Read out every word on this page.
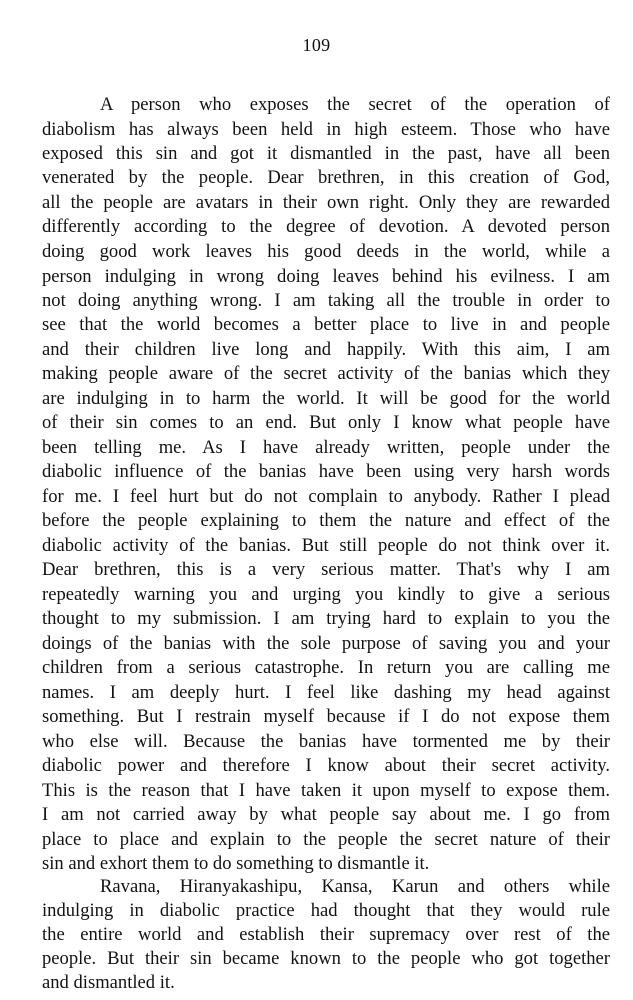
109
A person who exposes the secret of the operation of
diabolism has always been held in high esteem. Those who have
exposed this sin and got it dismantled in the past, have all been
venerated by the people. Dear brethren, in this creation of God,
all the people are avatars in their own right. Only they are rewarded
differently according to the degree of devotion. A devoted person
doing good work leaves his good deeds in the world, while a
person indulging in wrong doing leaves behind his evilness. I am
not doing anything wrong. I am taking all the trouble in order to
see that the world becomes a better place to live in and people
and their children live long and happily. With this aim, I am
making people aware of the secret activity of the banias which they
are indulging in to harm the world. It will be good for the world
of their sin comes to an end. But only I know what people have
been telling me. As I have already written, people under the
diabolic influence of the banias have been using very harsh words
for me. I feel hurt but do not complain to anybody. Rather I plead
before the people explaining to them the nature and effect of the
diabolic activity of the banias. But still people do not think over it.
Dear brethren, this is a very serious matter. That's why I am
repeatedly warning you and urging you kindly to give a serious
thought to my submission. I am trying hard to explain to you the
doings of the banias with the sole purpose of saving you and your
children from a serious catastrophe. In return you are calling me
names. I am deeply hurt. I feel like dashing my head against
something. But I restrain myself because if I do not expose them
who else will. Because the banias have tormented me by their
diabolic power and therefore I know about their secret activity.
This is the reason that I have taken it upon myself to expose them.
I am not carried away by what people say about me. I go from
place to place and explain to the people the secret nature of their
sin and exhort them to do something to dismantle it.
Ravana, Hiranyakashipu, Kansa, Karun and others while
indulging in diabolic practice had thought that they would rule
the entire world and establish their supremacy over rest of the
people. But their sin became known to the people who got together
and dismantled it.
